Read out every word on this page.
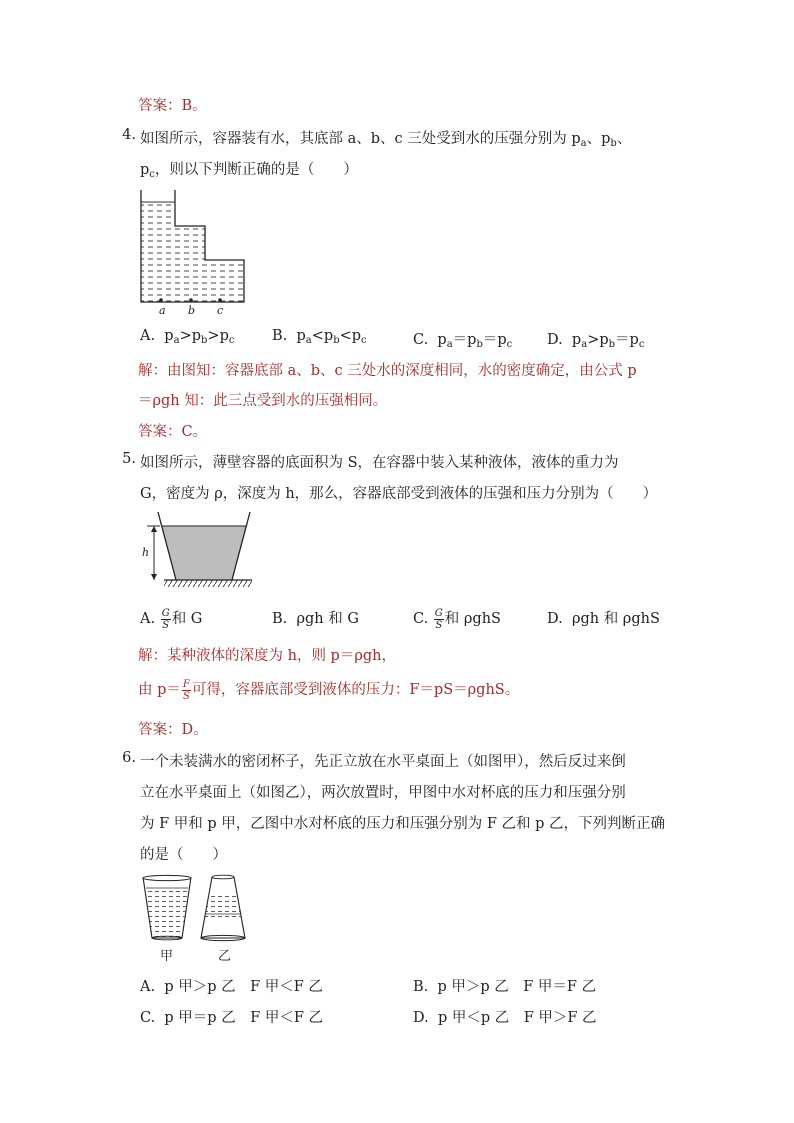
答案：B。
4. 如图所示，容器装有水，其底部 a、b、c 三处受到水的压强分别为 $p_a$、$p_b$、
$p_c$，则以下判断正确的是（　　）
a b c
A.  $p_a>p_b>p_c$	B.  $p_a<p_b<p_c$	C.  $p_a=p_b=p_c$ D.  $p_a>p_b=p_c$
解：由图知：容器底部 a、b、c 三处水的深度相同，水的密度确定，由公式 p
＝ρgh 知：此三点受到水的压强相同。
答案：C。
5. 如图所示，薄壁容器的底面积为 S，在容器中装入某种液体，液体的重力为
G，密度为 ρ，深度为 h，那么，容器底部受到液体的压强和压力分别为（　　）
h
A. $\frac{G}{S}$ 和 G	B. ρgh 和 G	C. $\frac{G}{S}$ 和 ρghS	D. ρgh 和 ρghS
解：某种液体的深度为 h，则 p＝ρgh，
由 $p= \frac{F}{S}$ 可得，容器底部受到液体的压力：F＝pS＝ρghS。
答案：D。
6. 一个未装满水的密闭杯子，先正立放在水平桌面上（如图甲），然后反过来倒
立在水平桌面上（如图乙），两次放置时，甲图中水对杯底的压力和压强分别
为 F 甲和 p 甲，乙图中水对杯底的压力和压强分别为 F 乙和 p 乙，下列判断正确
的是（　　）
甲	乙
A. p 甲＞p 乙　F 甲＜F 乙	B. p 甲＞p 乙　F 甲＝F 乙
C. p 甲＝p 乙　F 甲＜F 乙	D. p 甲＜p 乙　F 甲＞F 乙
